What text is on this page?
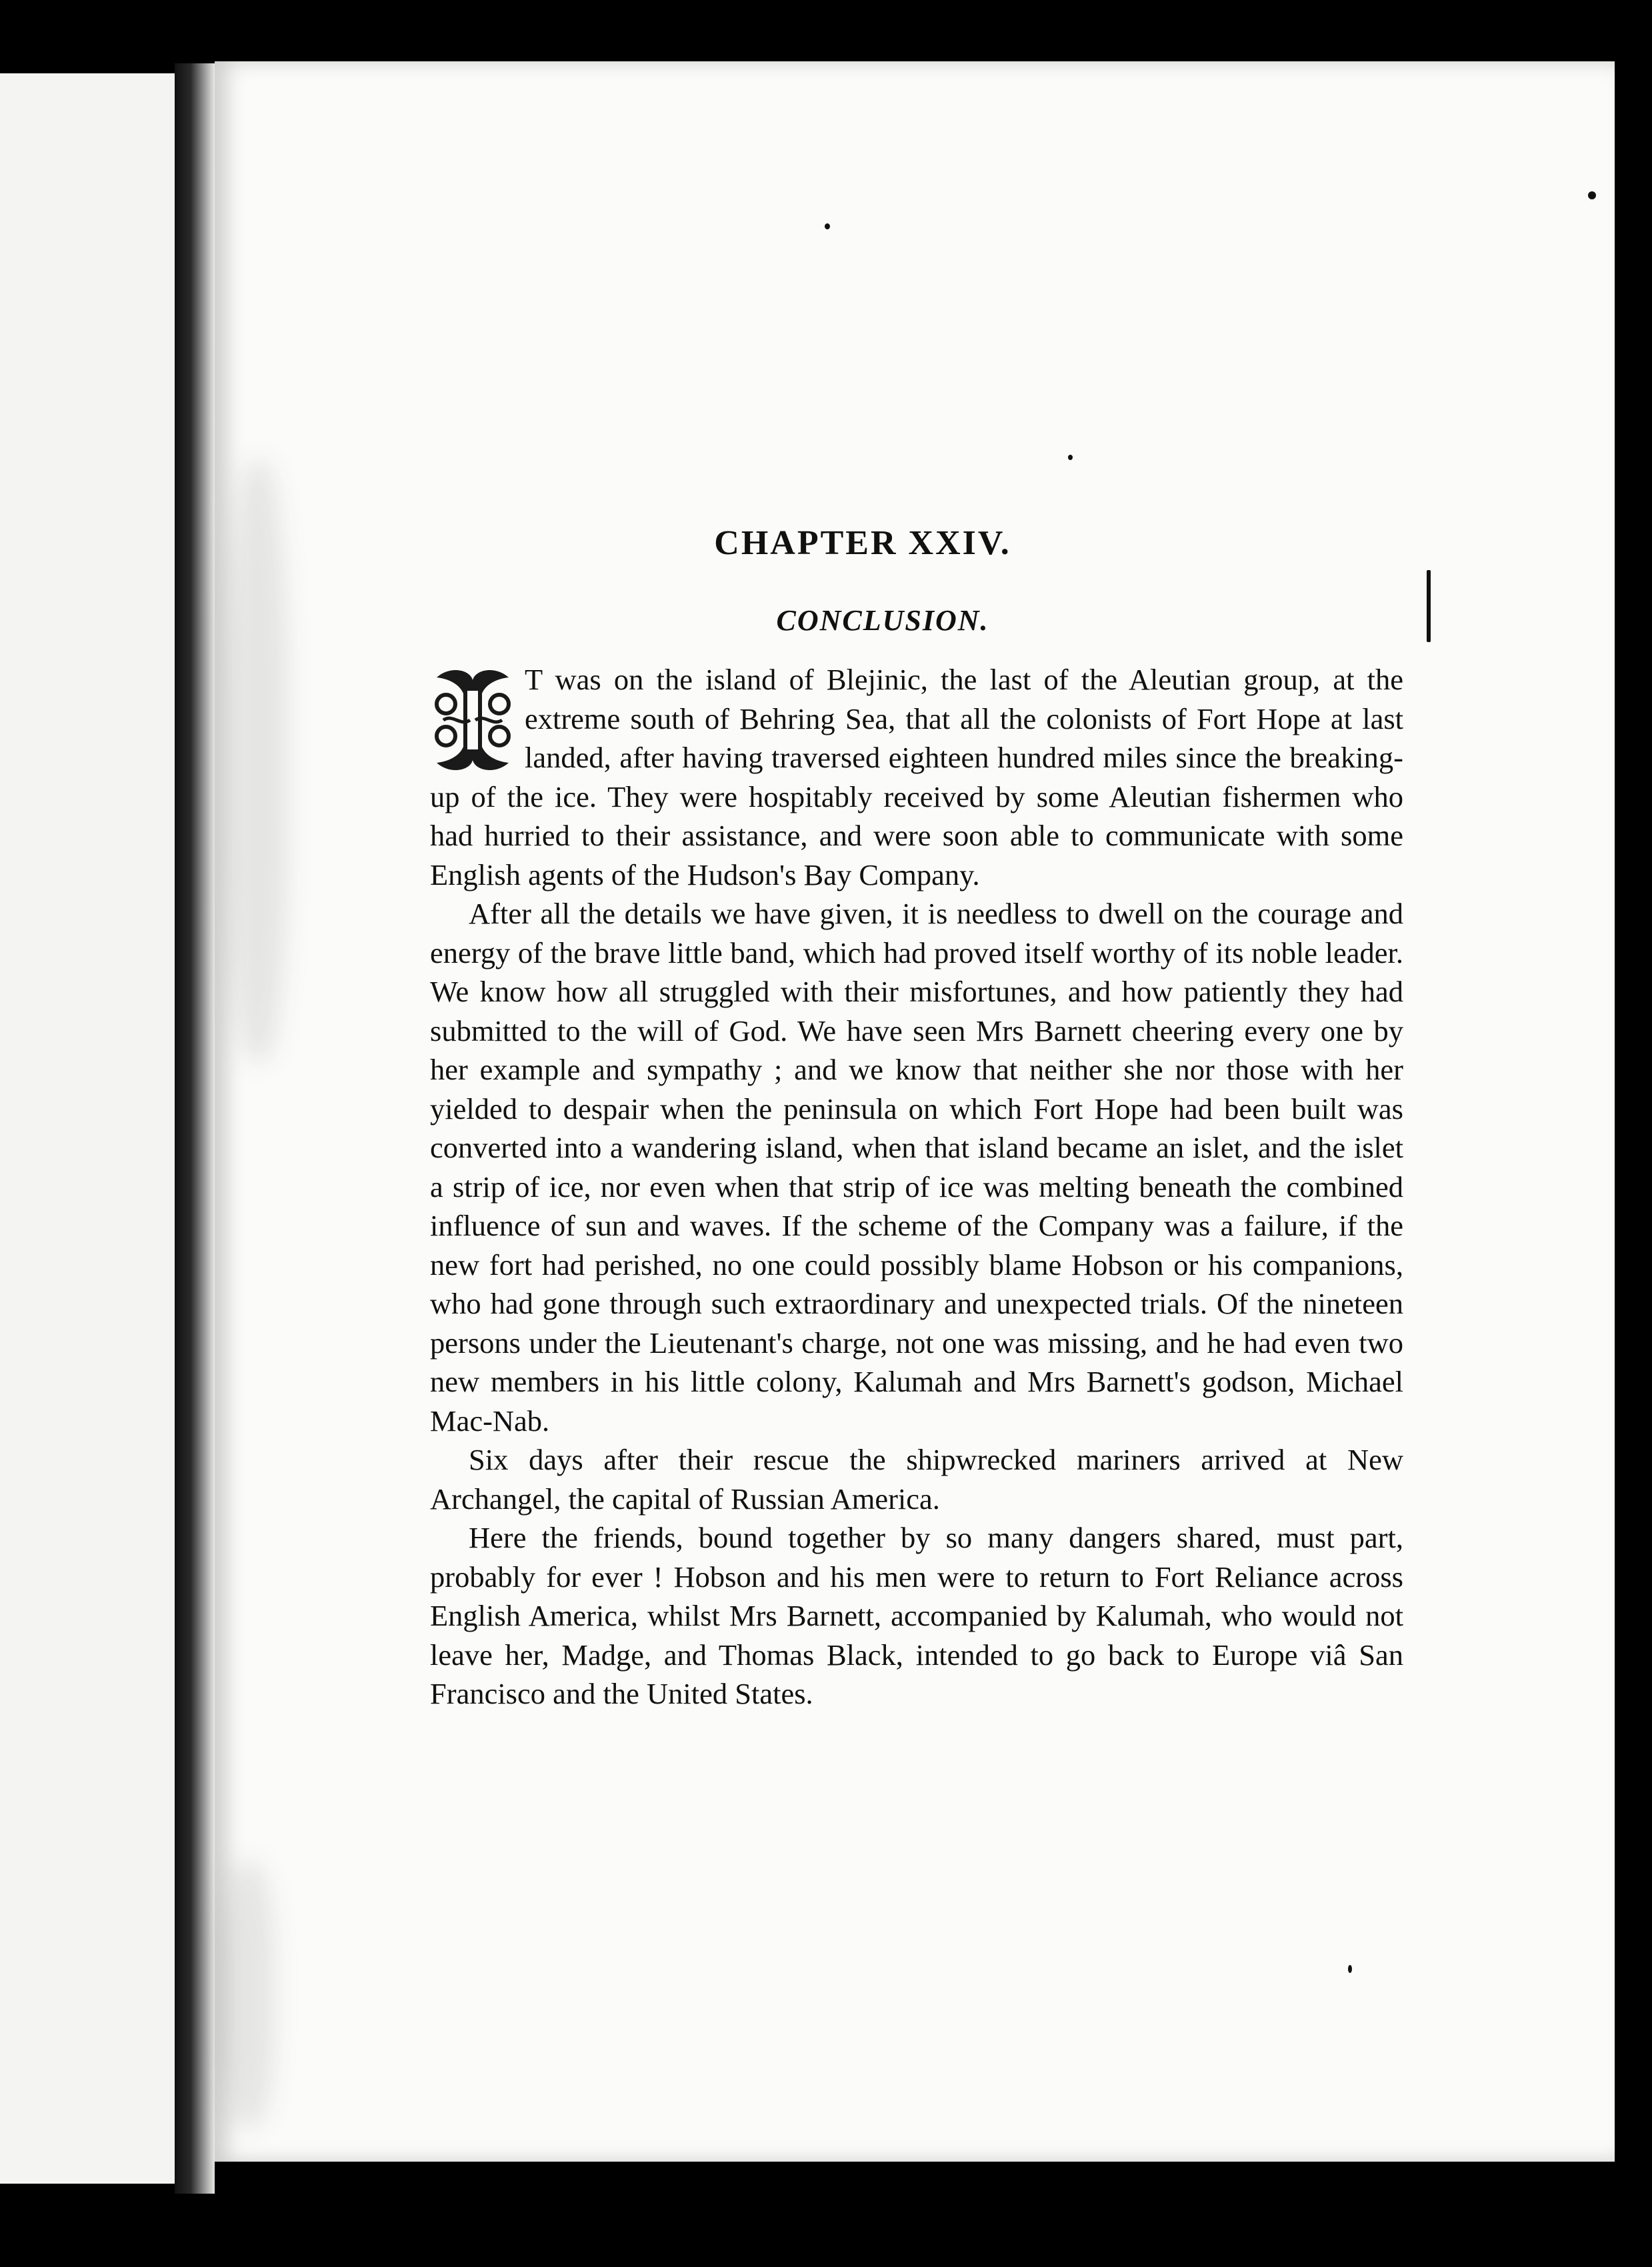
CHAPTER XXIV.
CONCLUSION.

T was on the island of Blejinic, the last of the Aleutian group, at the extreme south of Behring Sea, that all the colonists of Fort Hope at last landed, after having traversed eighteen hundred miles since the breaking-up of the ice. They were hospitably received by some Aleutian fishermen who had hurried to their assistance, and were soon able to communicate with some English agents of the Hudson's Bay Company.

After all the details we have given, it is needless to dwell on the courage and energy of the brave little band, which had proved itself worthy of its noble leader. We know how all struggled with their misfortunes, and how patiently they had submitted to the will of God. We have seen Mrs Barnett cheering every one by her example and sympathy ; and we know that neither she nor those with her yielded to despair when the peninsula on which Fort Hope had been built was converted into a wandering island, when that island became an islet, and the islet a strip of ice, nor even when that strip of ice was melting beneath the combined influence of sun and waves. If the scheme of the Company was a failure, if the new fort had perished, no one could possibly blame Hobson or his companions, who had gone through such extraordinary and unexpected trials. Of the nineteen persons under the Lieutenant's charge, not one was missing, and he had even two new members in his little colony, Kalumah and Mrs Barnett's godson, Michael Mac-Nab.

Six days after their rescue the shipwrecked mariners arrived at New Archangel, the capital of Russian America.

Here the friends, bound together by so many dangers shared, must part, probably for ever ! Hobson and his men were to return to Fort Reliance across English America, whilst Mrs Barnett, accompanied by Kalumah, who would not leave her, Madge, and Thomas Black, intended to go back to Europe viâ San Francisco and the United States.
